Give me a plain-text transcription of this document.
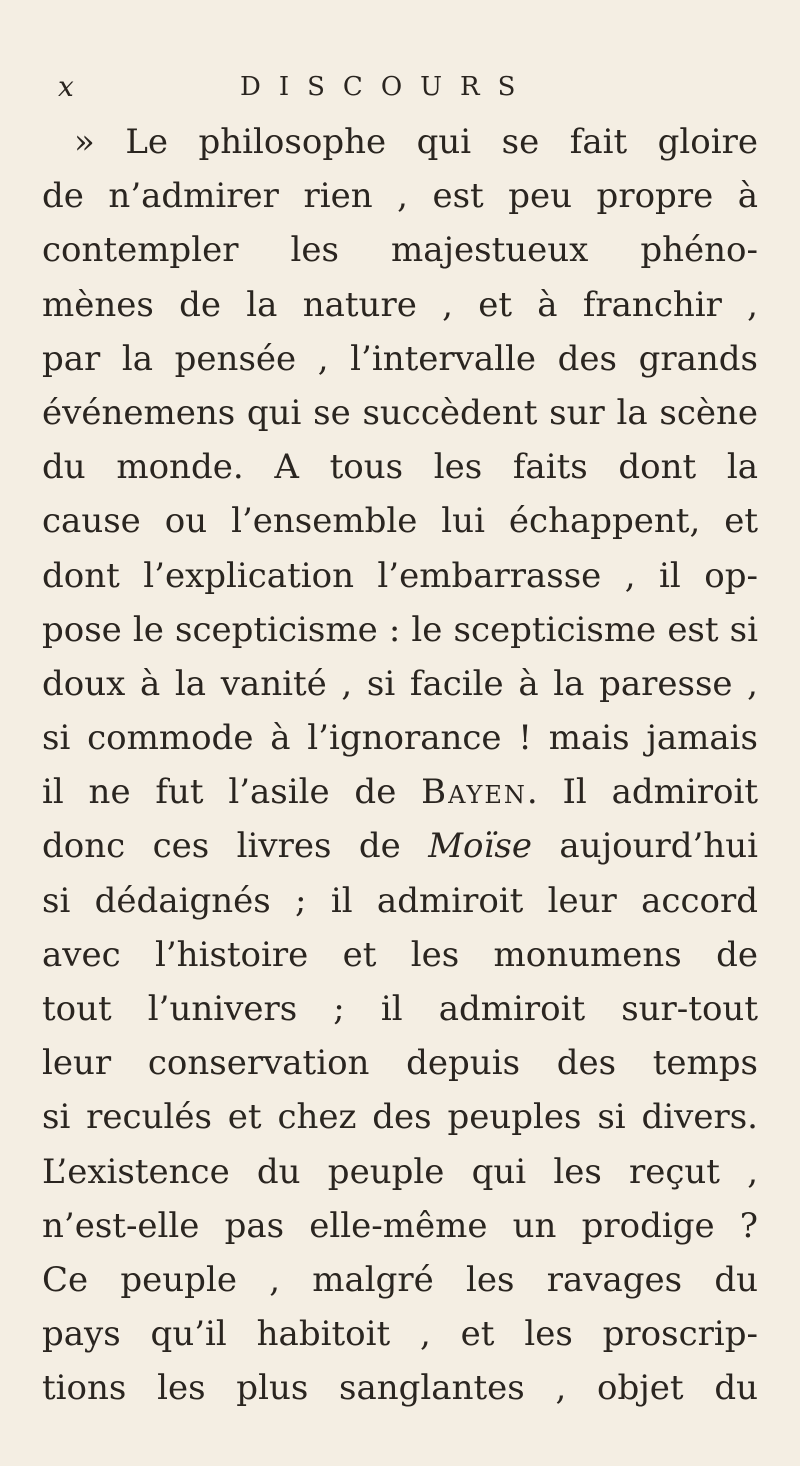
x	DISCOURS
» Le philosophe qui se fait gloire
de n’admirer rien , est peu propre à
contempler les majestueux phéno-
mènes de la nature , et à franchir ,
par la pensée , l’intervalle des grands
événemens qui se succèdent sur la scène
du monde. A tous les faits dont la
cause ou l’ensemble lui échappent, et
dont l’explication l’embarrasse , il op-
pose le scepticisme : le scepticisme est si
doux à la vanité , si facile à la paresse ,
si commode à l’ignorance ! mais jamais
il ne fut l’asile de Bayen. Il admiroit
donc ces livres de Moïse aujourd’hui
si dédaignés ; il admiroit leur accord
avec l’histoire et les monumens de
tout l’univers ; il admiroit sur-tout
leur conservation depuis des temps
si reculés et chez des peuples si divers.
L’existence du peuple qui les reçut ,
n’est-elle pas elle-même un prodige ?
Ce peuple , malgré les ravages du
pays qu’il habitoit , et les proscrip-
tions les plus sanglantes , objet du
